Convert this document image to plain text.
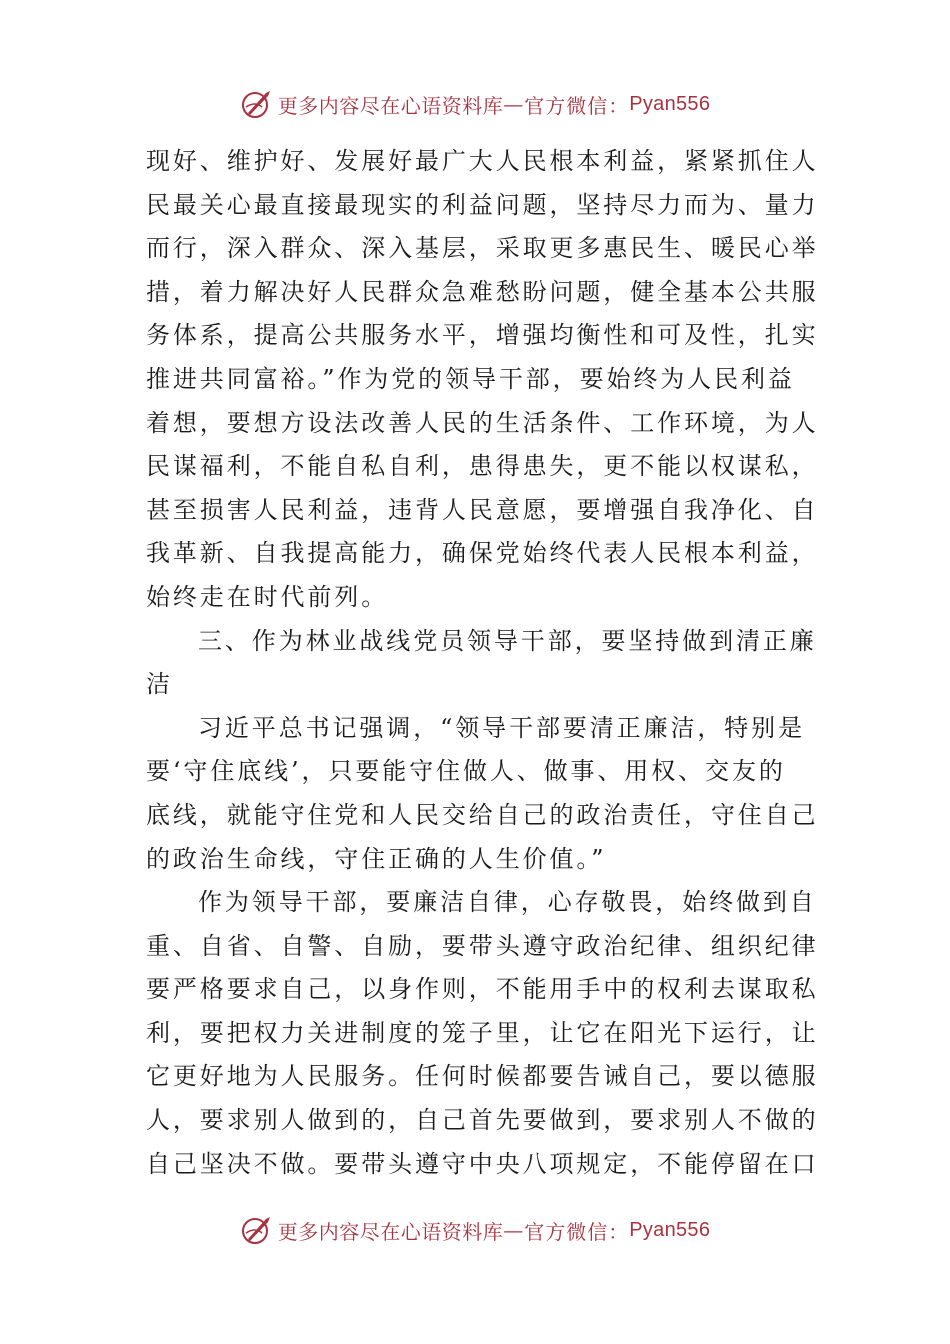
更多内容尽在心语资料库 — 官方微信： Pyan556
现好、维护好、发展好最广大人民根本利益，紧紧抓住人
民最关心最直接最现实的利益问题，坚持尽力而为、量力
而行，深入群众、深入基层，采取更多惠民生、暖民心举
措，着力解决好人民群众急难愁盼问题，健全基本公共服
务体系，提高公共服务水平，增强均衡性和可及性，扎实
推进共同富裕。”作为党的领导干部，要始终为人民利益
着想，要想方设法改善人民的生活条件、工作环境，为人
民谋福利，不能自私自利，患得患失，更不能以权谋私，
甚至损害人民利益，违背人民意愿，要增强自我净化、自
我革新、自我提高能力，确保党始终代表人民根本利益，
始终走在时代前列。
三、作为林业战线党员领导干部，要坚持做到清正廉
洁
习近平总书记强调，“领导干部要清正廉洁，特别是
要‘守住底线’，只要能守住做人、做事、用权、交友的
底线，就能守住党和人民交给自己的政治责任，守住自己
的政治生命线，守住正确的人生价值。”
作为领导干部，要廉洁自律，心存敬畏，始终做到自
重、自省、自警、自励，要带头遵守政治纪律、组织纪律
要严格要求自己，以身作则，不能用手中的权利去谋取私
利，要把权力关进制度的笼子里，让它在阳光下运行，让
它更好地为人民服务。任何时候都要告诫自己，要以德服
人，要求别人做到的，自己首先要做到，要求别人不做的
自己坚决不做。要带头遵守中央八项规定，不能停留在口
更多内容尽在心语资料库 — 官方微信： Pyan556
